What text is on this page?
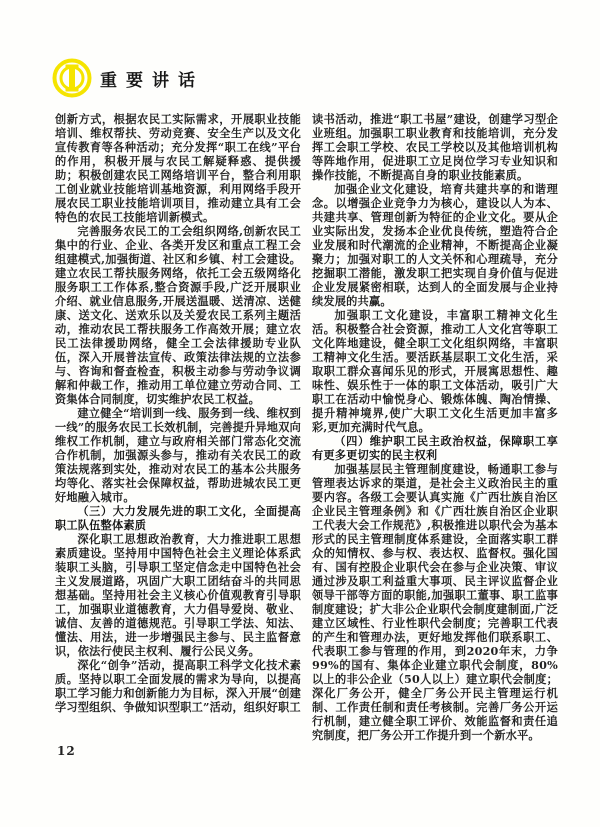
重要讲话

创新方式，根据农民工实际需求，开展职业技能培训、维权帮扶、劳动竞赛、安全生产以及文化宣传教育等各种活动；充分发挥“职工在线”平台的作用，积极开展与农民工解疑释惑、提供援助；积极创建农民工网络培训平台，整合利用职工创业就业技能培训基地资源，利用网络手段开展农民工职业技能培训项目，推动建立具有工会特色的农民工技能培训新模式。

完善服务农民工的工会组织网络,创新农民工集中的行业、企业、各类开发区和重点工程工会组建模式,加强街道、社区和乡镇、村工会建设。建立农民工帮扶服务网络，依托工会五级网络化服务职工工作体系,整合资源手段,广泛开展职业介绍、就业信息服务,开展送温暖、送清凉、送健康、送文化、送欢乐以及关爱农民工系列主题活动，推动农民工帮扶服务工作高效开展；建立农民工法律援助网络，健全工会法律援助专业队伍，深入开展普法宣传、政策法律法规的立法参与、咨询和督查检查，积极主动参与劳动争议调解和仲裁工作，推动用工单位建立劳动合同、工资集体合同制度，切实维护农民工权益。

建立健全“培训到一线、服务到一线、维权到一线”的服务农民工长效机制，完善提升异地双向维权工作机制，建立与政府相关部门常态化交流合作机制，加强源头参与，推动有关农民工的政策法规落到实处，推动对农民工的基本公共服务均等化、落实社会保障权益，帮助进城农民工更好地融入城市。

（三）大力发展先进的职工文化，全面提高职工队伍整体素质

深化职工思想政治教育，大力推进职工思想素质建设。坚持用中国特色社会主义理论体系武装职工头脑，引导职工坚定信念走中国特色社会主义发展道路，巩固广大职工团结奋斗的共同思想基础。坚持用社会主义核心价值观教育引导职工，加强职业道德教育，大力倡导爱岗、敬业、诚信、友善的道德规范。引导职工学法、知法、懂法、用法，进一步增强民主参与、民主监督意识，依法行使民主权利、履行公民义务。

深化“创争”活动，提高职工科学文化技术素质。坚持以职工全面发展的需求为导向，以提高职工学习能力和创新能力为目标，深入开展“创建学习型组织、争做知识型职工”活动，组织好职工

读书活动，推进“职工书屋”建设，创建学习型企业班组。加强职工职业教育和技能培训，充分发挥工会职工学校、农民工学校以及其他培训机构等阵地作用，促进职工立足岗位学习专业知识和操作技能，不断提高自身的职业技能素质。

加强企业文化建设，培育共建共享的和谐理念。以增强企业竞争力为核心，建设以人为本、共建共享、管理创新为特征的企业文化。要从企业实际出发，发扬本企业优良传统，塑造符合企业发展和时代潮流的企业精神，不断提高企业凝聚力；加强对职工的人文关怀和心理疏导，充分挖掘职工潜能，激发职工把实现自身价值与促进企业发展紧密相联，达到人的全面发展与企业持续发展的共赢。

加强职工文化建设，丰富职工精神文化生活。积极整合社会资源，推动工人文化宫等职工文化阵地建设，健全职工文化组织网络，丰富职工精神文化生活。要活跃基层职工文化生活，采取职工群众喜闻乐见的形式，开展寓思想性、趣味性、娱乐性于一体的职工文体活动，吸引广大职工在活动中愉悦身心、锻炼体魄、陶冶情操、提升精神境界,使广大职工文化生活更加丰富多彩,更加充满时代气息。

（四）维护职工民主政治权益，保障职工享有更多更切实的民主权利

加强基层民主管理制度建设，畅通职工参与管理表达诉求的渠道，是社会主义政治民主的重要内容。各级工会要认真实施《广西壮族自治区企业民主管理条例》和《广西壮族自治区企业职工代表大会工作规范》,积极推进以职代会为基本形式的民主管理制度体系建设，全面落实职工群众的知情权、参与权、表达权、监督权。强化国有、国有控股企业职代会在参与企业决策、审议通过涉及职工利益重大事项、民主评议监督企业领导干部等方面的职能,加强职工董事、职工监事制度建设；扩大非公企业职代会制度建制面,广泛建立区域性、行业性职代会制度；完善职工代表的产生和管理办法，更好地发挥他们联系职工、代表职工参与管理的作用，到2020年末，力争99%的国有、集体企业建立职代会制度，80%以上的非公企业（50人以上）建立职代会制度；深化厂务公开，健全厂务公开民主管理运行机制、工作责任制和责任考核制。完善厂务公开运行机制，建立健全职工评价、效能监督和责任追究制度，把厂务公开工作提升到一个新水平。

12
